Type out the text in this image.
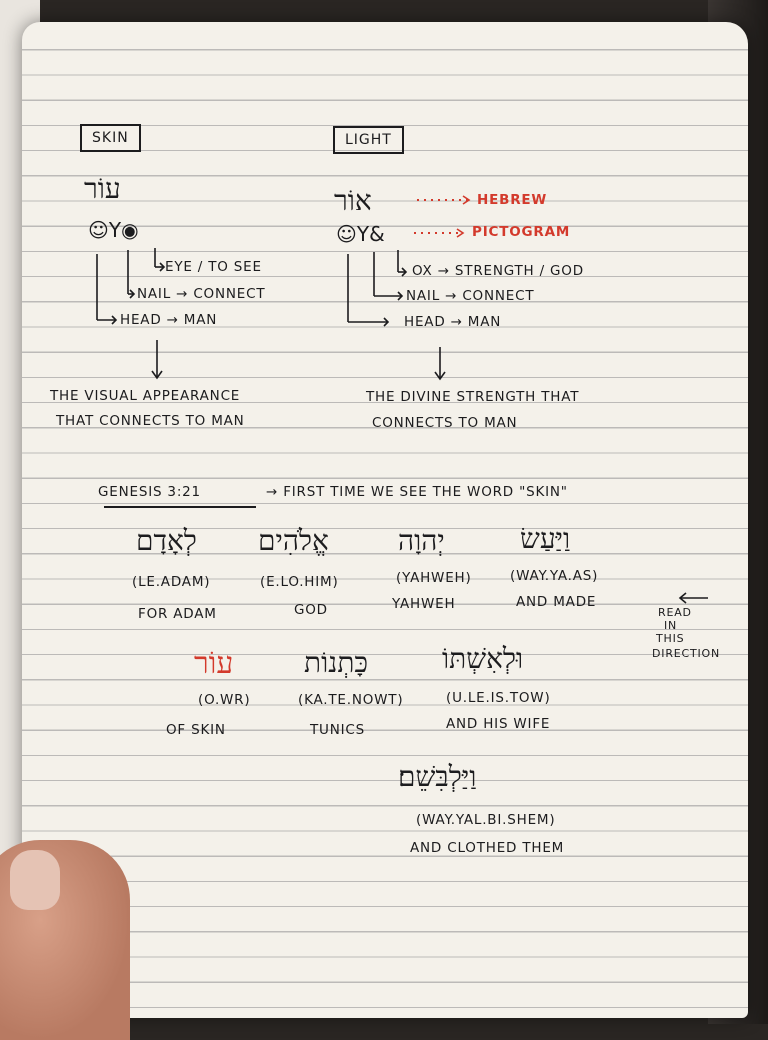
SKIN
עוֹר
☺Y◉
EYE / TO SEE
NAIL → CONNECT
HEAD → MAN
THE VISUAL APPEARANCE
THAT CONNECTS TO MAN
LIGHT
אוֹר	HEBREW
☺Y&	PICTOGRAM
OX → STRENGTH / GOD
NAIL → CONNECT
HEAD → MAN
THE DIVINE STRENGTH THAT
CONNECTS TO MAN
GENESIS 3:21	→ FIRST TIME WE SEE THE WORD "SKIN"
לְאָדָם
(LE.ADAM)
FOR ADAM
אֱלֹהִים
(E.LO.HIM)
GOD
יְהוָה
(YAHWEH)
YAHWEH
וַיַּעַשׂ
(WAY.YA.AS)
AND MADE
READ
IN
THIS
DIRECTION
עוֹר
(O.WR)
OF SKIN
כָּתְנוֹת
(KA.TE.NOWT)
TUNICS
וּלְאִשְׁתּוֹ
(U.LE.IS.TOW)
AND HIS WIFE
וַיַּלְבִּשֵׁם׃
(WAY.YAL.BI.SHEM)
AND CLOTHED THEM
